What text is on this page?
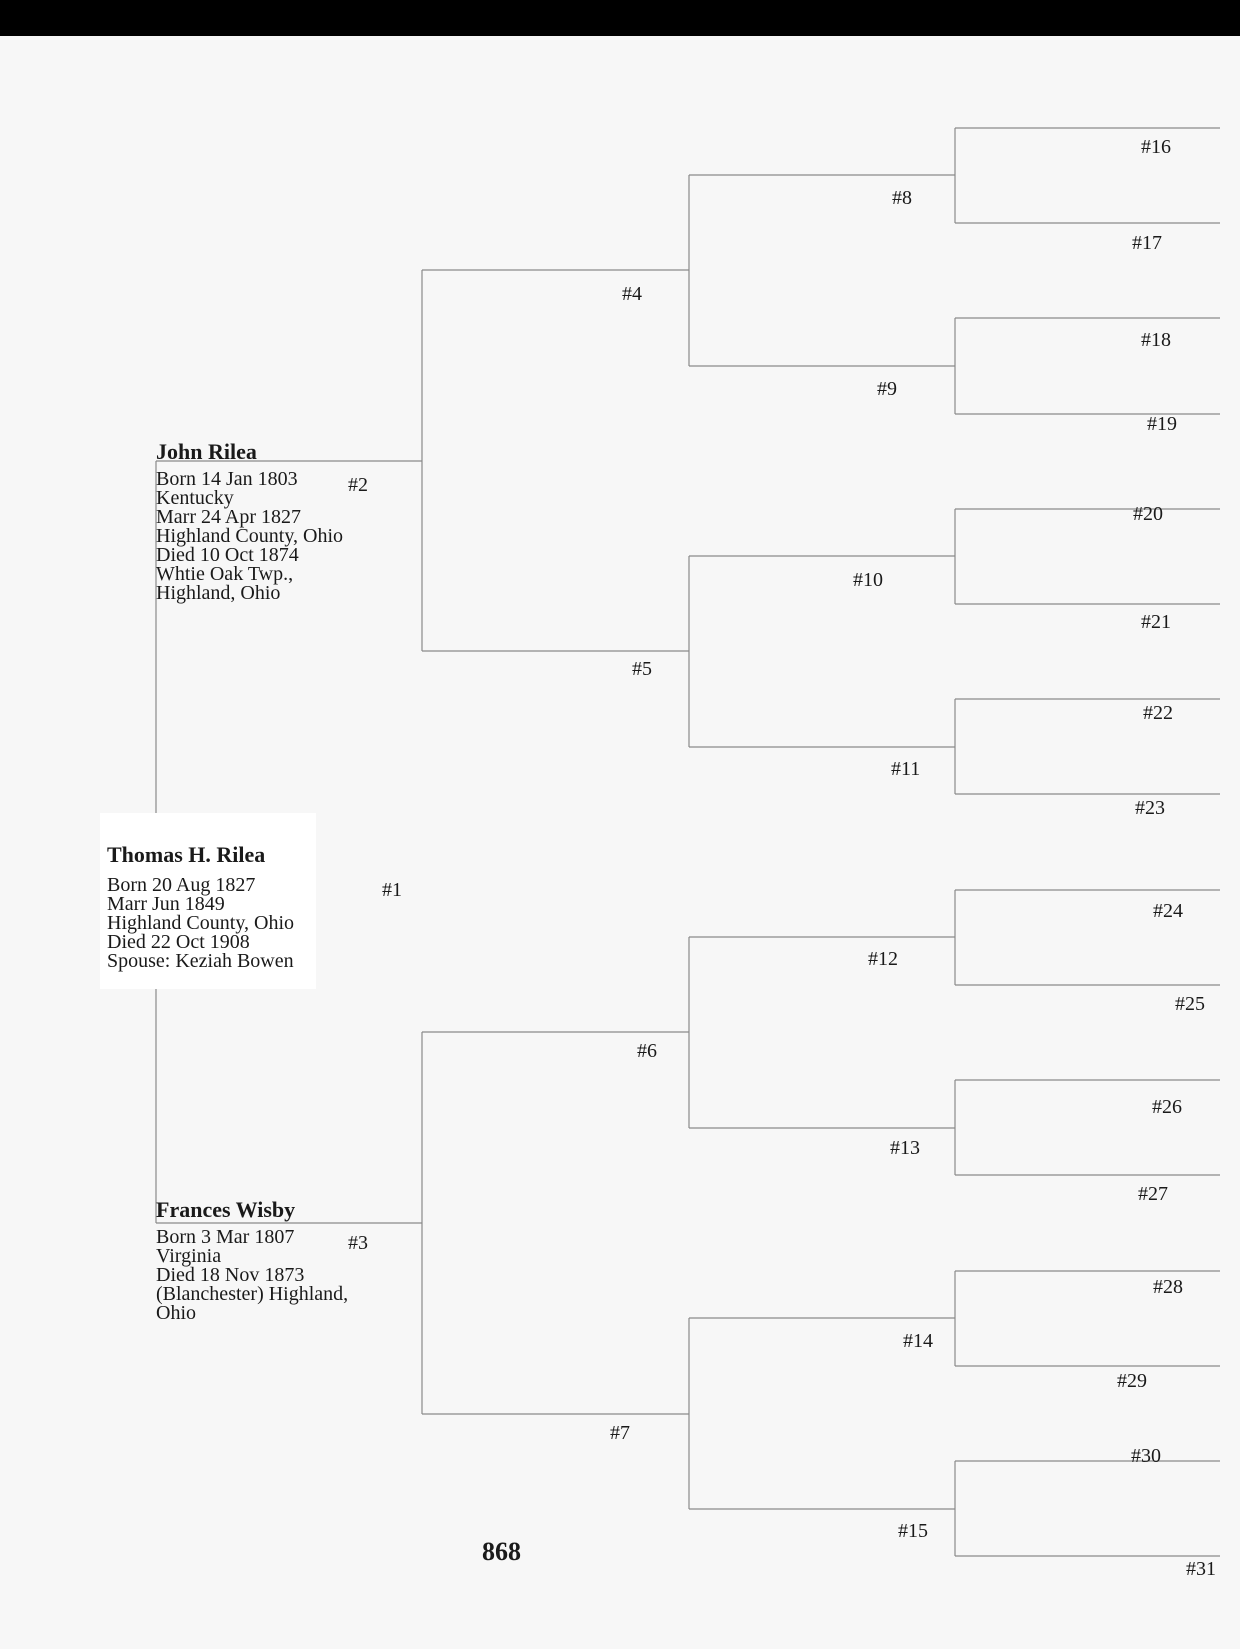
John Rilea
Born 14 Jan 1803
Kentucky
Marr 24 Apr 1827
Highland County, Ohio
Died 10 Oct 1874
Whtie Oak Twp.,
Highland, Ohio
#2
Thomas H. Rilea
Born 20 Aug 1827
Marr Jun 1849
Highland County, Ohio
Died 22 Oct 1908
Spouse: Keziah Bowen
#1
Frances Wisby
Born 3 Mar 1807
Virginia
Died 18 Nov 1873
(Blanchester) Highland,
Ohio
#3
#4
#5
#6
#7
#8
#9
#10
#11
#12
#13
#14
#15
#16
#17
#18
#19
#20
#21
#22
#23
#24
#25
#26
#27
#28
#29
#30
#31
868
